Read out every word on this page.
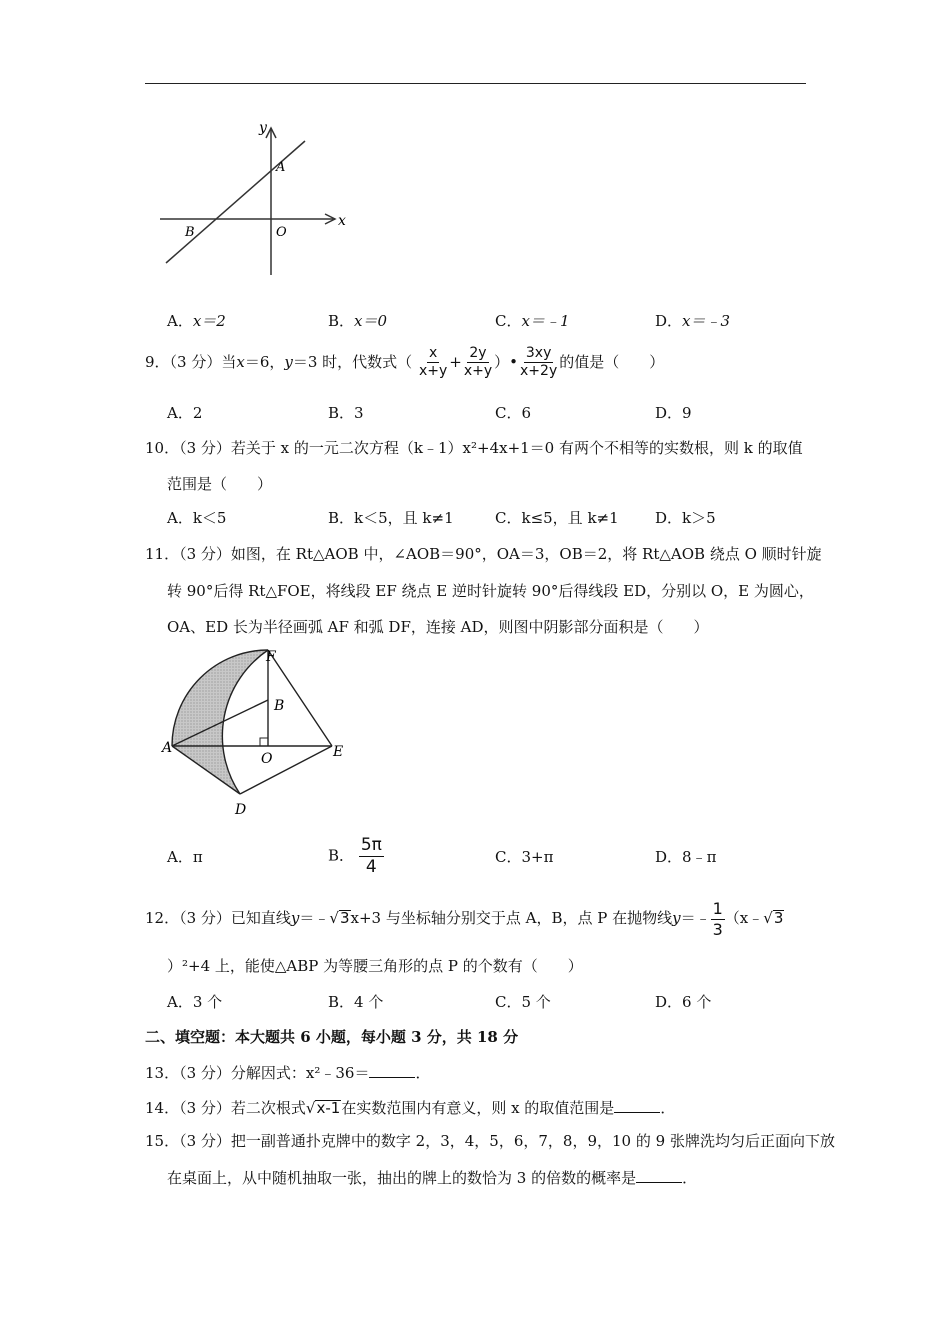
y
x
A
B	O
A．x＝2	B．x＝0	C．x＝﹣1	D．x＝﹣3
9．（3 分）当x＝6，y＝3 时，代数式（ $\frac{x}{x+y} + \frac{2y}{x+y}$ ）• $\frac{3xy}{x+2y}$ 的值是（　　）
A．2	B．3	C．6	D．9
10．（3 分）若关于 x 的一元二次方程（k﹣1）x²+4x+1＝0 有两个不相等的实数根，则 k 的取值
范围是（　　）
A．k＜5	B．k＜5，且 k≠1	C．k≤5，且 k≠1 D．k＞5
11．（3 分）如图，在 Rt△AOB 中，∠AOB＝90°，OA＝3，OB＝2，将 Rt△AOB 绕点 O 顺时针旋
转 90°后得 Rt△FOE，将线段 EF 绕点 E 逆时针旋转 90°后得线段 ED，分别以 O，E 为圆心，
OA、ED 长为半径画弧 AF 和弧 DF，连接 AD，则图中阴影部分面积是（　　）
F
B
A
O	E
D
A．π	B． $\frac{5\pi}{4}$	C．3+π	D．8﹣π
12．（3 分）已知直线y＝﹣√3x+3 与坐标轴分别交于点 A，B，点 P 在抛物线y＝﹣ $\frac{1}{3}$ （x﹣√3
）²+4 上，能使△ABP 为等腰三角形的点 P 的个数有（　　）
A．3 个	B．4 个	C．5 个	D．6 个
二、填空题：本大题共 6 小题，每小题 3 分，共 18 分
13．（3 分）分解因式：x²﹣36＝	．
14．（3 分）若二次根式√x-1在实数范围内有意义，则 x 的取值范围是	．
15．（3 分）把一副普通扑克牌中的数字 2，3，4，5，6，7，8，9，10 的 9 张牌洗均匀后正面向下放
在桌面上，从中随机抽取一张，抽出的牌上的数恰为 3 的倍数的概率是	．
